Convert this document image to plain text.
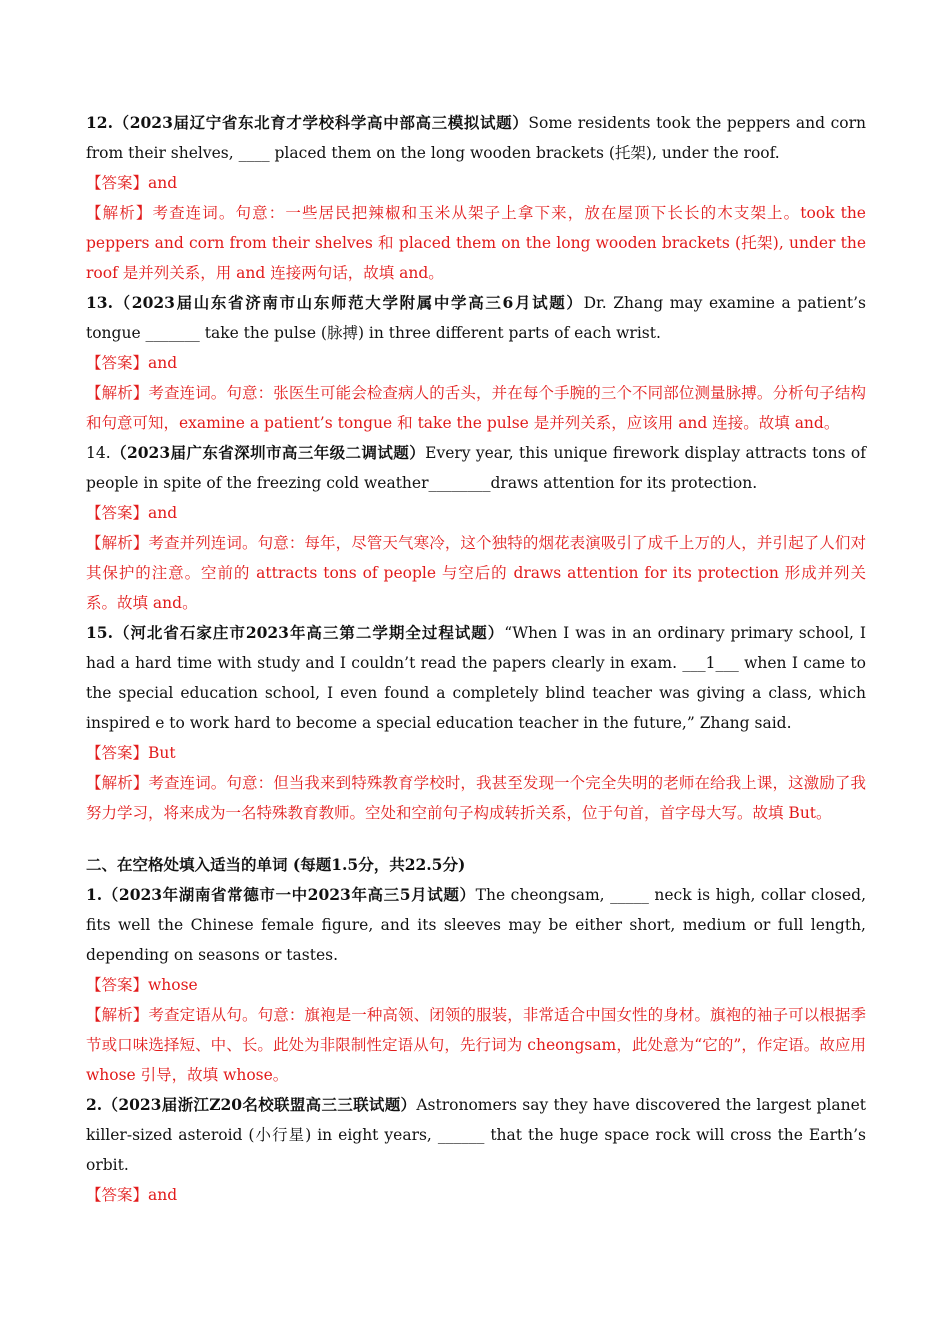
12.（2023届辽宁省东北育才学校科学高中部高三模拟试题）Some residents took the peppers and corn from their shelves, ____ placed them on the long wooden brackets (托架), under the roof.

【答案】and

【解析】考查连词。句意：一些居民把辣椒和玉米从架子上拿下来，放在屋顶下长长的木支架上。took the peppers and corn from their shelves 和 placed them on the long wooden brackets (托架), under the roof 是并列关系，用 and 连接两句话，故填 and。

13.（2023届山东省济南市山东师范大学附属中学高三6月试题）Dr. Zhang may examine a patient’s tongue _______ take the pulse (脉搏) in three different parts of each wrist.

【答案】and

【解析】考查连词。句意：张医生可能会检查病人的舌头，并在每个手腕的三个不同部位测量脉搏。分析句子结构和句意可知，examine a patient’s tongue 和 take the pulse 是并列关系，应该用 and 连接。故填 and。

14.（2023届广东省深圳市高三年级二调试题）Every year, this unique firework display attracts tons of people in spite of the freezing cold weather________draws attention for its protection.

【答案】and

【解析】考查并列连词。句意：每年，尽管天气寒冷，这个独特的烟花表演吸引了成千上万的人，并引起了人们对其保护的注意。空前的 attracts tons of people 与空后的 draws attention for its protection 形成并列关系。故填 and。

15.（河北省石家庄市2023年高三第二学期全过程试题）“When I was in an ordinary primary school, I had a hard time with study and I couldn’t read the papers clearly in exam. ___1___ when I came to the special education school, I even found a completely blind teacher was giving a class, which inspired e to work hard to become a special education teacher in the future,” Zhang said.

【答案】But

【解析】考查连词。句意：但当我来到特殊教育学校时，我甚至发现一个完全失明的老师在给我上课，这激励了我努力学习，将来成为一名特殊教育教师。空处和空前句子构成转折关系，位于句首，首字母大写。故填 But。

二、在空格处填入适当的单词 (每题1.5分，共22.5分)

1.（2023年湖南省常德市一中2023年高三5月试题）The cheongsam, _____ neck is high, collar closed, fits well the Chinese female figure, and its sleeves may be either short, medium or full length, depending on seasons or tastes.

【答案】whose

【解析】考查定语从句。句意：旗袍是一种高领、闭领的服装，非常适合中国女性的身材。旗袍的袖子可以根据季节或口味选择短、中、长。此处为非限制性定语从句，先行词为 cheongsam，此处意为“它的”，作定语。故应用 whose 引导，故填 whose。

2.（2023届浙江Z20名校联盟高三三联试题）Astronomers say they have discovered the largest planet killer-sized asteroid (小行星) in eight years, ______ that the huge space rock will cross the Earth’s orbit.

【答案】and
